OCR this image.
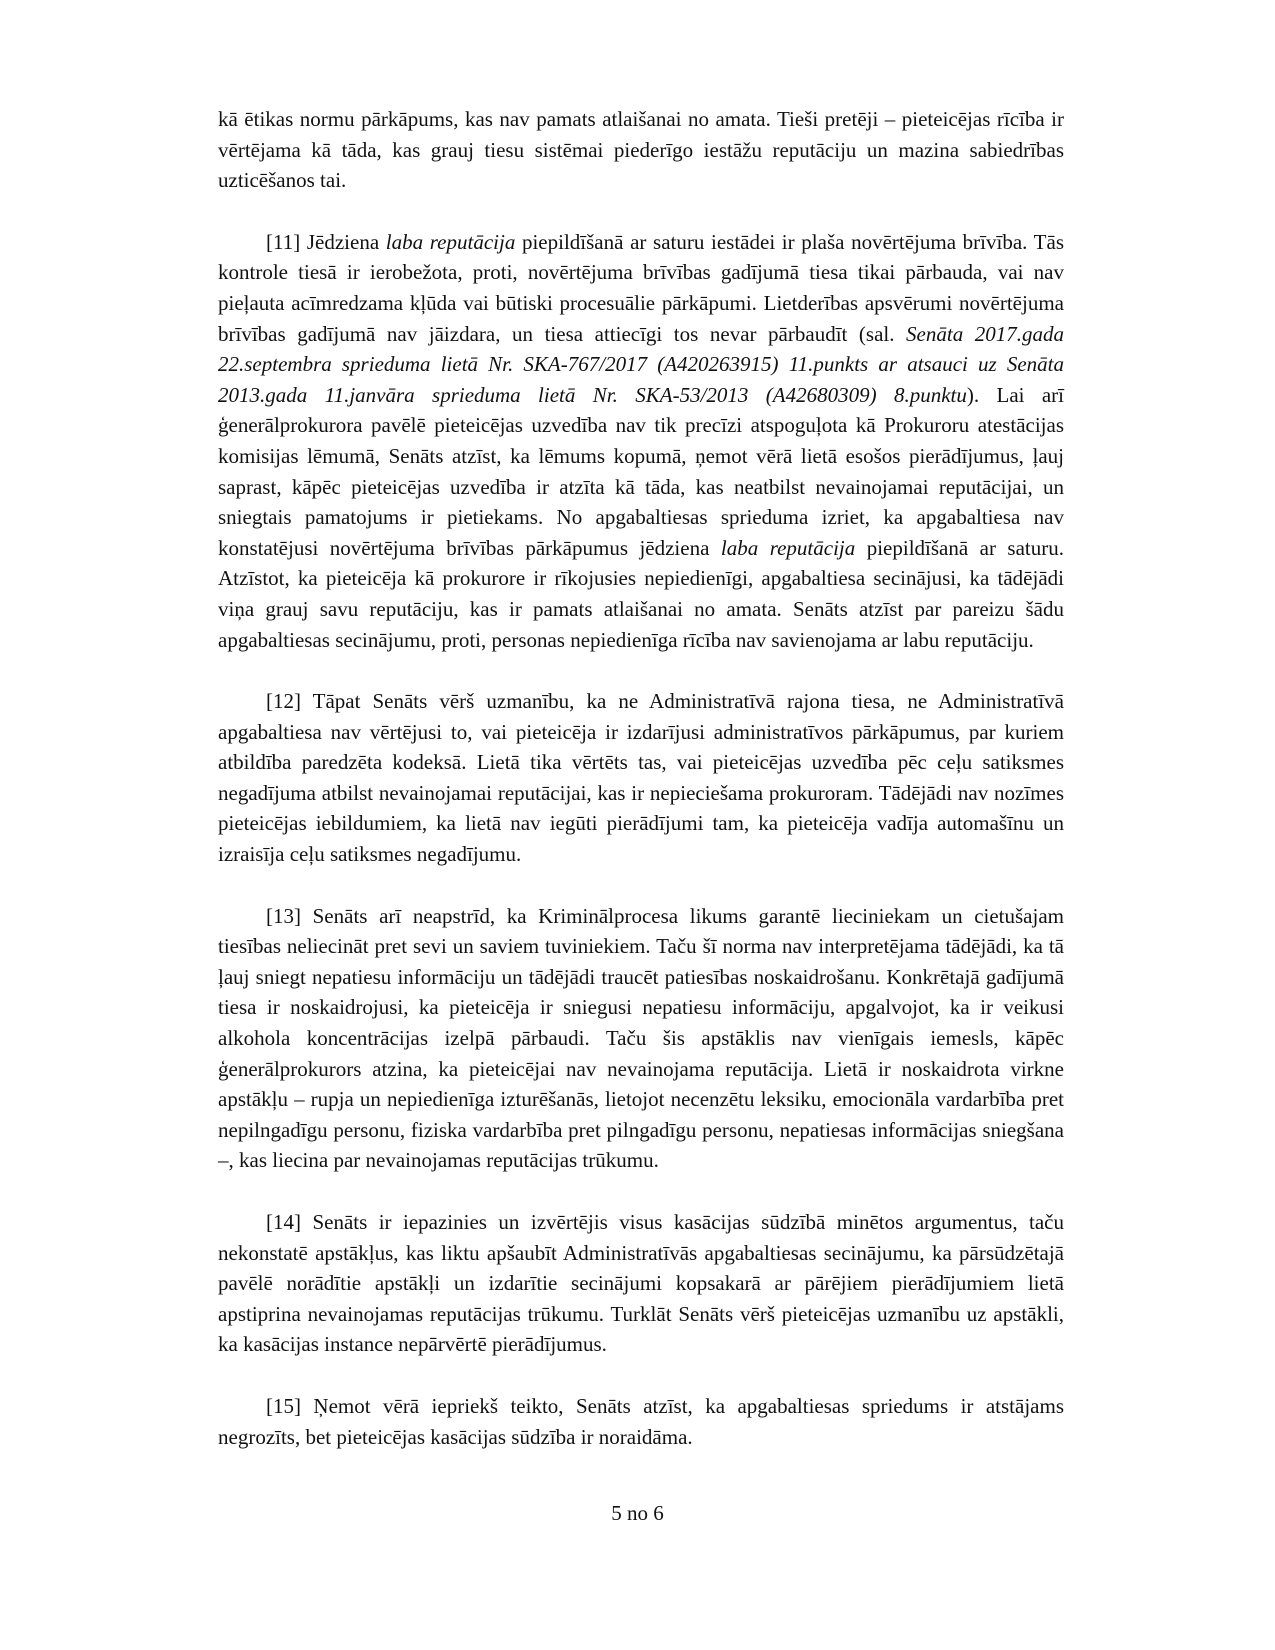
kā ētikas normu pārkāpums, kas nav pamats atlaišanai no amata. Tieši pretēji – pieteicējas rīcība ir vērtējama kā tāda, kas grauj tiesu sistēmai piederīgo iestāžu reputāciju un mazina sabiedrības uzticēšanos tai.

[11] Jēdziena laba reputācija piepildīšanā ar saturu iestādei ir plaša novērtējuma brīvība. Tās kontrole tiesā ir ierobežota, proti, novērtējuma brīvības gadījumā tiesa tikai pārbauda, vai nav pieļauta acīmredzama kļūda vai būtiski procesuālie pārkāpumi. Lietderības apsvērumi novērtējuma brīvības gadījumā nav jāizdara, un tiesa attiecīgi tos nevar pārbaudīt (sal. Senāta 2017.gada 22.septembra sprieduma lietā Nr. SKA-767/2017 (A420263915) 11.punkts ar atsauci uz Senāta 2013.gada 11.janvāra sprieduma lietā Nr. SKA-53/2013 (A42680309) 8.punktu). Lai arī ģenerālprokurora pavēlē pieteicējas uzvedība nav tik precīzi atspoguļota kā Prokuroru atestācijas komisijas lēmumā, Senāts atzīst, ka lēmums kopumā, ņemot vērā lietā esošos pierādījumus, ļauj saprast, kāpēc pieteicējas uzvedība ir atzīta kā tāda, kas neatbilst nevainojamai reputācijai, un sniegtais pamatojums ir pietiekams. No apgabaltiesas sprieduma izriet, ka apgabaltiesa nav konstatējusi novērtējuma brīvības pārkāpumus jēdziena laba reputācija piepildīšanā ar saturu. Atzīstot, ka pieteicēja kā prokurore ir rīkojusies nepiedienīgi, apgabaltiesa secinājusi, ka tādējādi viņa grauj savu reputāciju, kas ir pamats atlaišanai no amata. Senāts atzīst par pareizu šādu apgabaltiesas secinājumu, proti, personas nepiedienīga rīcība nav savienojama ar labu reputāciju.

[12] Tāpat Senāts vērš uzmanību, ka ne Administratīvā rajona tiesa, ne Administratīvā apgabaltiesa nav vērtējusi to, vai pieteicēja ir izdarījusi administratīvos pārkāpumus, par kuriem atbildība paredzēta kodeksā. Lietā tika vērtēts tas, vai pieteicējas uzvedība pēc ceļu satiksmes negadījuma atbilst nevainojamai reputācijai, kas ir nepieciešama prokuroram. Tādējādi nav nozīmes pieteicējas iebildumiem, ka lietā nav iegūti pierādījumi tam, ka pieteicēja vadīja automašīnu un izraisīja ceļu satiksmes negadījumu.

[13] Senāts arī neapstrīd, ka Kriminālprocesa likums garantē lieciniekam un cietušajam tiesības neliecināt pret sevi un saviem tuviniekiem. Taču šī norma nav interpretējama tādējādi, ka tā ļauj sniegt nepatiesu informāciju un tādējādi traucēt patiesības noskaidrošanu. Konkrētajā gadījumā tiesa ir noskaidrojusi, ka pieteicēja ir sniegusi nepatiesu informāciju, apgalvojot, ka ir veikusi alkohola koncentrācijas izelpā pārbaudi. Taču šis apstāklis nav vienīgais iemesls, kāpēc ģenerālprokurors atzina, ka pieteicējai nav nevainojama reputācija. Lietā ir noskaidrota virkne apstākļu – rupja un nepiedienīga izturēšanās, lietojot necenzētu leksiku, emocionāla vardarbība pret nepilngadīgu personu, fiziska vardarbība pret pilngadīgu personu, nepatiesas informācijas sniegšana –, kas liecina par nevainojamas reputācijas trūkumu.

[14] Senāts ir iepazinies un izvērtējis visus kasācijas sūdzībā minētos argumentus, taču nekonstatē apstākļus, kas liktu apšaubīt Administratīvās apgabaltiesas secinājumu, ka pārsūdzētajā pavēlē norādītie apstākļi un izdarītie secinājumi kopsakarā ar pārējiem pierādījumiem lietā apstiprina nevainojamas reputācijas trūkumu. Turklāt Senāts vērš pieteicējas uzmanību uz apstākli, ka kasācijas instance nepārvērtē pierādījumus.

[15] Ņemot vērā iepriekš teikto, Senāts atzīst, ka apgabaltiesas spriedums ir atstājams negrozīts, bet pieteicējas kasācijas sūdzība ir noraidāma.

5 no 6
